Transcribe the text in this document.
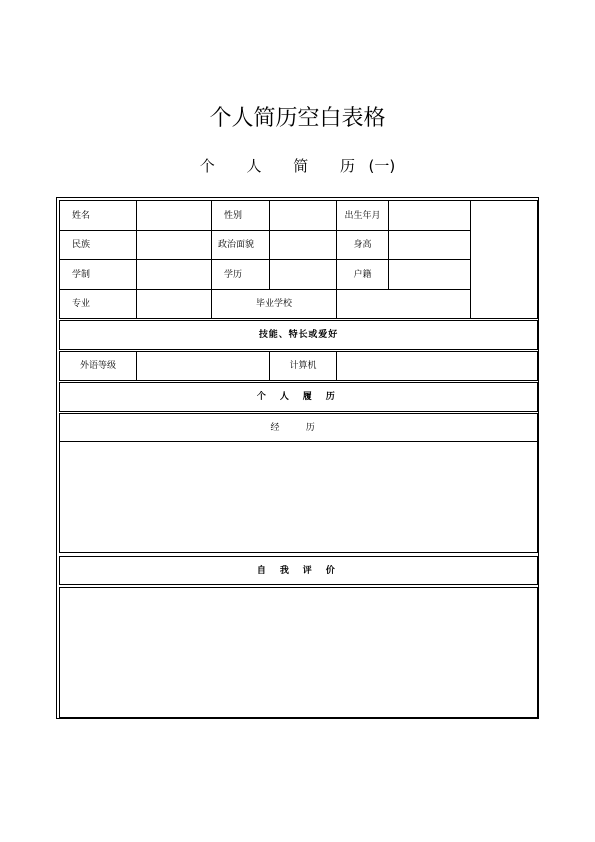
个人简历空白表格
个 人 简 历(一)
姓名	性别	出生年月
民族	政治面貌	身高
学制	学历	户籍
专业	毕业学校
技能、特长或爱好
外语等级	计算机
个 人 履 历
经 历
自 我 评 价
